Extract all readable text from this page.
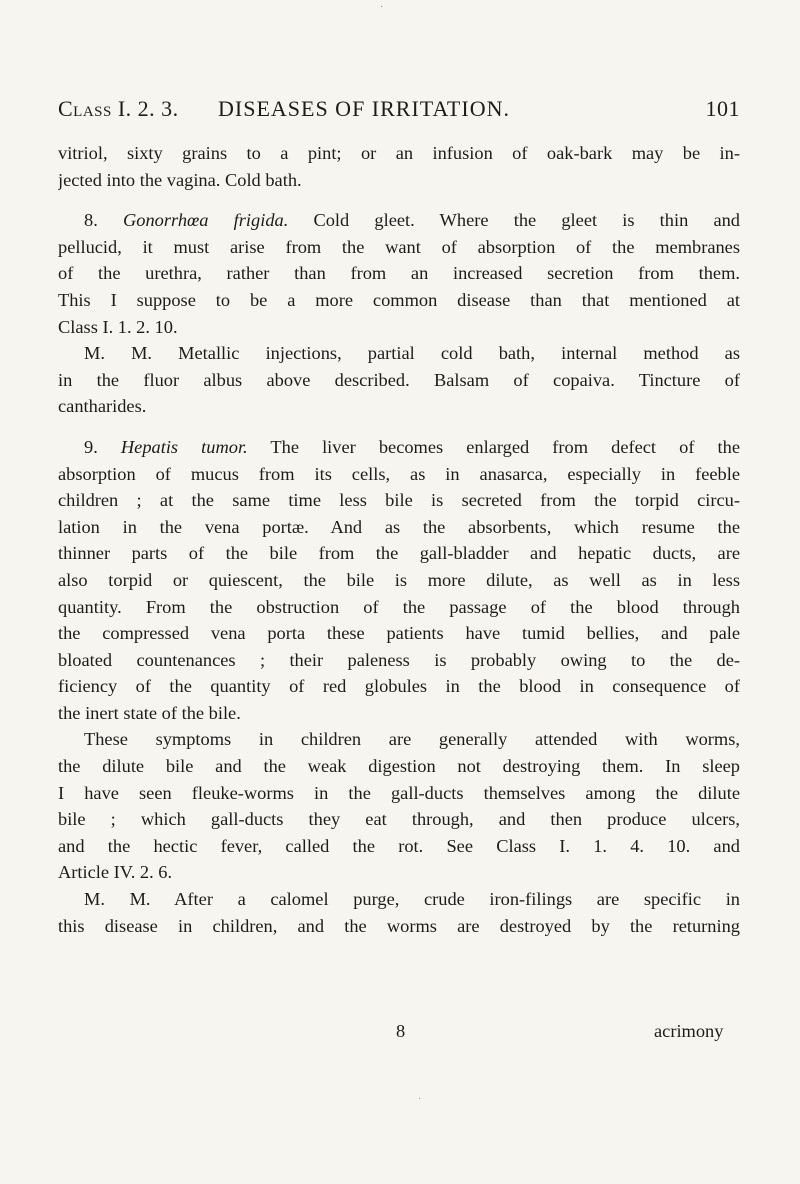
Class I. 2. 3. DISEASES OF IRRITATION.	101

vitriol, sixty grains to a pint; or an infusion of oak-bark may be in-
jected into the vagina. Cold bath.

8. Gonorrhœa frigida. Cold gleet. Where the gleet is thin and
pellucid, it must arise from the want of absorption of the membranes
of the urethra, rather than from an increased secretion from them.
This I suppose to be a more common disease than that mentioned at
Class I. 1. 2. 10.

M. M. Metallic injections, partial cold bath, internal method as
in the fluor albus above described. Balsam of copaiva. Tincture of
cantharides.

9. Hepatis tumor. The liver becomes enlarged from defect of the
absorption of mucus from its cells, as in anasarca, especially in feeble
children ; at the same time less bile is secreted from the torpid circu-
lation in the vena portæ. And as the absorbents, which resume the
thinner parts of the bile from the gall-bladder and hepatic ducts, are
also torpid or quiescent, the bile is more dilute, as well as in less
quantity. From the obstruction of the passage of the blood through
the compressed vena porta these patients have tumid bellies, and pale
bloated countenances ; their paleness is probably owing to the de-
ficiency of the quantity of red globules in the blood in consequence of
the inert state of the bile.

These symptoms in children are generally attended with worms,
the dilute bile and the weak digestion not destroying them. In sleep
I have seen fleuke-worms in the gall-ducts themselves among the dilute
bile ; which gall-ducts they eat through, and then produce ulcers,
and the hectic fever, called the rot. See Class I. 1. 4. 10. and
Article IV. 2. 6.

M. M. After a calomel purge, crude iron-filings are specific in
this disease in children, and the worms are destroyed by the returning

8	acrimony
·
·
